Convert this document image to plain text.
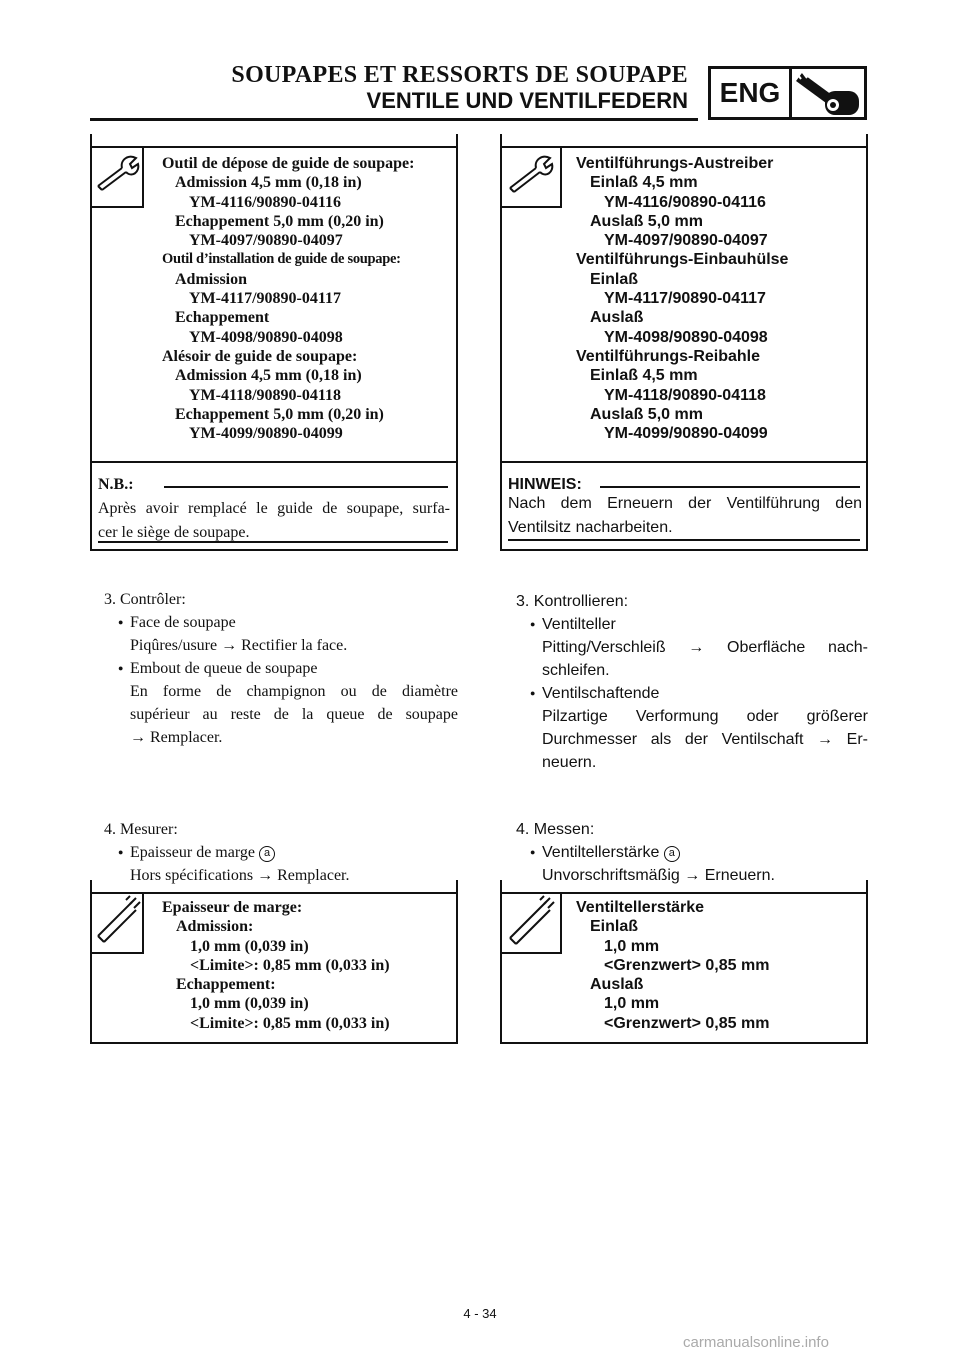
SOUPAPES ET RESSORTS DE SOUPAPE
VENTILE UND VENTILFEDERN ENG
Outil de dépose de guide de soupape:
Admission 4,5 mm (0,18 in)
YM-4116/90890-04116
Echappement 5,0 mm (0,20 in)
YM-4097/90890-04097
Outil d’installation de guide de soupape:
Admission
YM-4117/90890-04117
Echappement
YM-4098/90890-04098
Alésoir de guide de soupape:
Admission 4,5 mm (0,18 in)
YM-4118/90890-04118
Echappement 5,0 mm (0,20 in)
YM-4099/90890-04099
N.B.:
Après avoir remplacé le guide de soupape, surfa-
cer le siège de soupape.
Ventilführungs-Austreiber
Einlaß 4,5 mm
YM-4116/90890-04116
Auslaß 5,0 mm
YM-4097/90890-04097
Ventilführungs-Einbauhülse
Einlaß
YM-4117/90890-04117
Auslaß
YM-4098/90890-04098
Ventilführungs-Reibahle
Einlaß 4,5 mm
YM-4118/90890-04118
Auslaß 5,0 mm
YM-4099/90890-04099
HINWEIS:
Nach dem Erneuern der Ventilführung den
Ventilsitz nacharbeiten.
3. Contrôler:
● Face de soupape
Piqûres/usure → Rectifier la face.
● Embout de queue de soupape
En forme de champignon ou de diamètre
supérieur au reste de la queue de soupape
→ Remplacer.
3. Kontrollieren:
● Ventilteller
Pitting/Verschleiß → Oberfläche nach-
schleifen.
● Ventilschaftende
Pilzartige Verformung oder größerer
Durchmesser als der Ventilschaft → Er-
neuern.
4. Mesurer:
● Epaisseur de marge a
Hors spécifications → Remplacer.
4. Messen:
● Ventiltellerstärke a
Unvorschriftsmäßig → Erneuern.
Epaisseur de marge:
Admission:
1,0 mm (0,039 in)
<Limite>: 0,85 mm (0,033 in)
Echappement:
1,0 mm (0,039 in)
<Limite>: 0,85 mm (0,033 in)
Ventiltellerstärke
Einlaß
1,0 mm
<Grenzwert> 0,85 mm
Auslaß
1,0 mm
<Grenzwert> 0,85 mm
4 - 34
carmanualsonline.info
